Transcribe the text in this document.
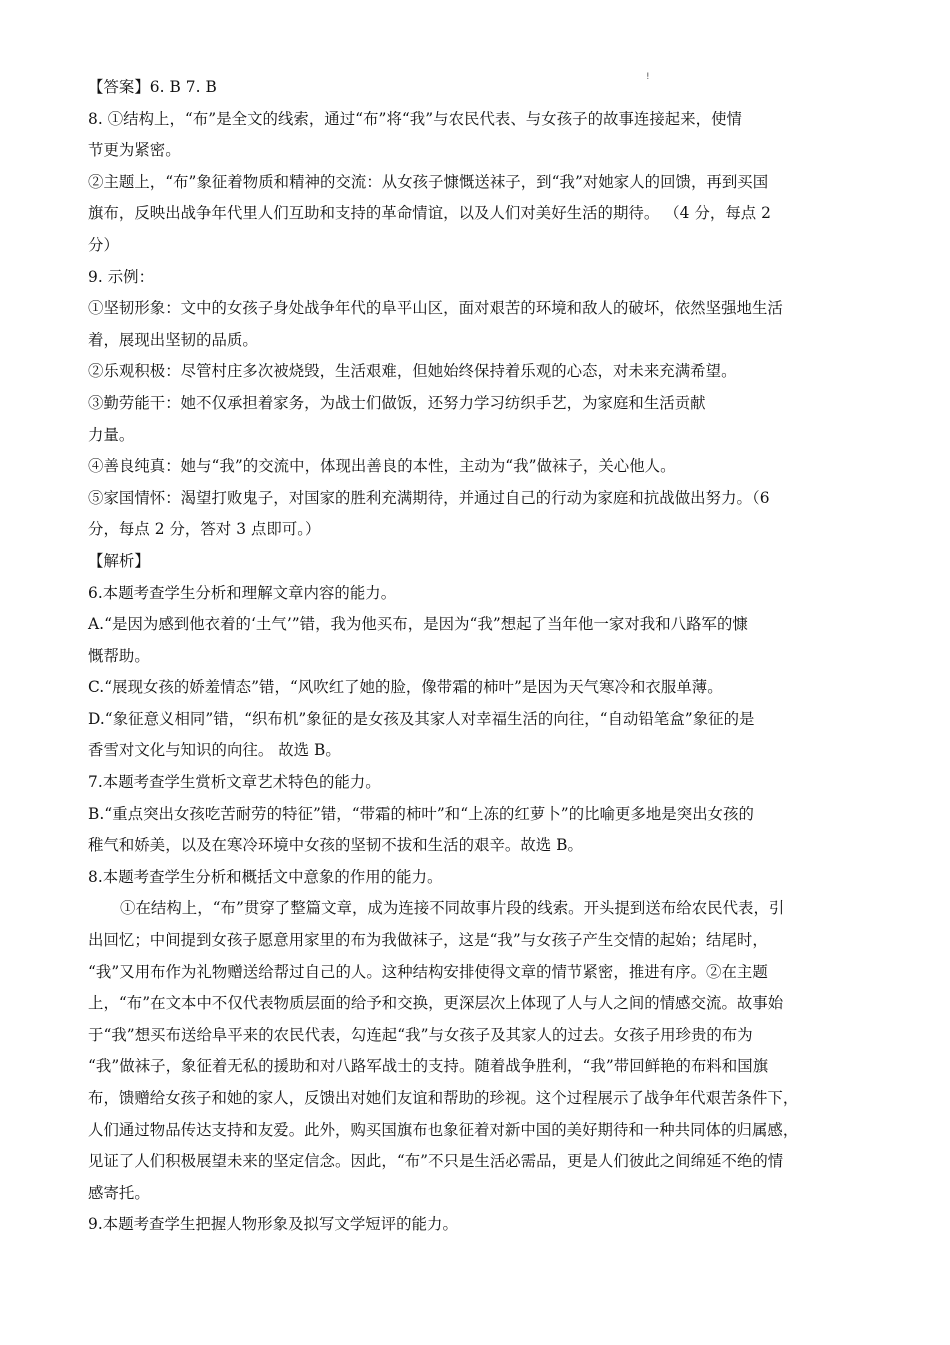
!
【答案】6. B 7. B
8. ①结构上，“布”是全文的线索，通过“布”将“我”与农民代表、与女孩子的故事连接起来，使情
节更为紧密。
②主题上，“布”象征着物质和精神的交流：从女孩子慷慨送袜子，到“我”对她家人的回馈，再到买国
旗布，反映出战争年代里人们互助和支持的革命情谊，以及人们对美好生活的期待。 （4 分，每点 2
分）
9. 示例：
①坚韧形象：文中的女孩子身处战争年代的阜平山区，面对艰苦的环境和敌人的破坏，依然坚强地生活
着，展现出坚韧的品质。
②乐观积极：尽管村庄多次被烧毁，生活艰难，但她始终保持着乐观的心态，对未来充满希望。
③勤劳能干：她不仅承担着家务，为战士们做饭，还努力学习纺织手艺，为家庭和生活贡献
力量。
④善良纯真：她与“我”的交流中，体现出善良的本性，主动为“我”做袜子，关心他人。
⑤家国情怀：渴望打败鬼子，对国家的胜利充满期待，并通过自己的行动为家庭和抗战做出努力。（6
分，每点 2 分，答对 3 点即可。）
【解析】
6.本题考查学生分析和理解文章内容的能力。
A.“是因为感到他衣着的‘土气’”错，我为他买布，是因为“我”想起了当年他一家对我和八路军的慷
慨帮助。
C.“展现女孩的娇羞情态”错，“风吹红了她的脸，像带霜的柿叶”是因为天气寒冷和衣服单薄。
D.“象征意义相同”错，“织布机”象征的是女孩及其家人对幸福生活的向往，“自动铅笔盒”象征的是
香雪对文化与知识的向往。 故选 B。
7.本题考查学生赏析文章艺术特色的能力。
B.“重点突出女孩吃苦耐劳的特征”错，“带霜的柿叶”和“上冻的红萝卜”的比喻更多地是突出女孩的
稚气和娇美，以及在寒冷环境中女孩的坚韧不拔和生活的艰辛。故选 B。
8.本题考查学生分析和概括文中意象的作用的能力。
①在结构上，“布”贯穿了整篇文章，成为连接不同故事片段的线索。开头提到送布给农民代表，引
出回忆；中间提到女孩子愿意用家里的布为我做袜子，这是“我”与女孩子产生交情的起始；结尾时，
“我”又用布作为礼物赠送给帮过自己的人。这种结构安排使得文章的情节紧密，推进有序。②在主题
上，“布”在文本中不仅代表物质层面的给予和交换，更深层次上体现了人与人之间的情感交流。故事始
于“我”想买布送给阜平来的农民代表，勾连起“我”与女孩子及其家人的过去。女孩子用珍贵的布为
“我”做袜子，象征着无私的援助和对八路军战士的支持。随着战争胜利，“我”带回鲜艳的布料和国旗
布，馈赠给女孩子和她的家人，反馈出对她们友谊和帮助的珍视。这个过程展示了战争年代艰苦条件下，
人们通过物品传达支持和友爱。此外，购买国旗布也象征着对新中国的美好期待和一种共同体的归属感，
见证了人们积极展望未来的坚定信念。因此，“布”不只是生活必需品，更是人们彼此之间绵延不绝的情
感寄托。
9.本题考查学生把握人物形象及拟写文学短评的能力。
